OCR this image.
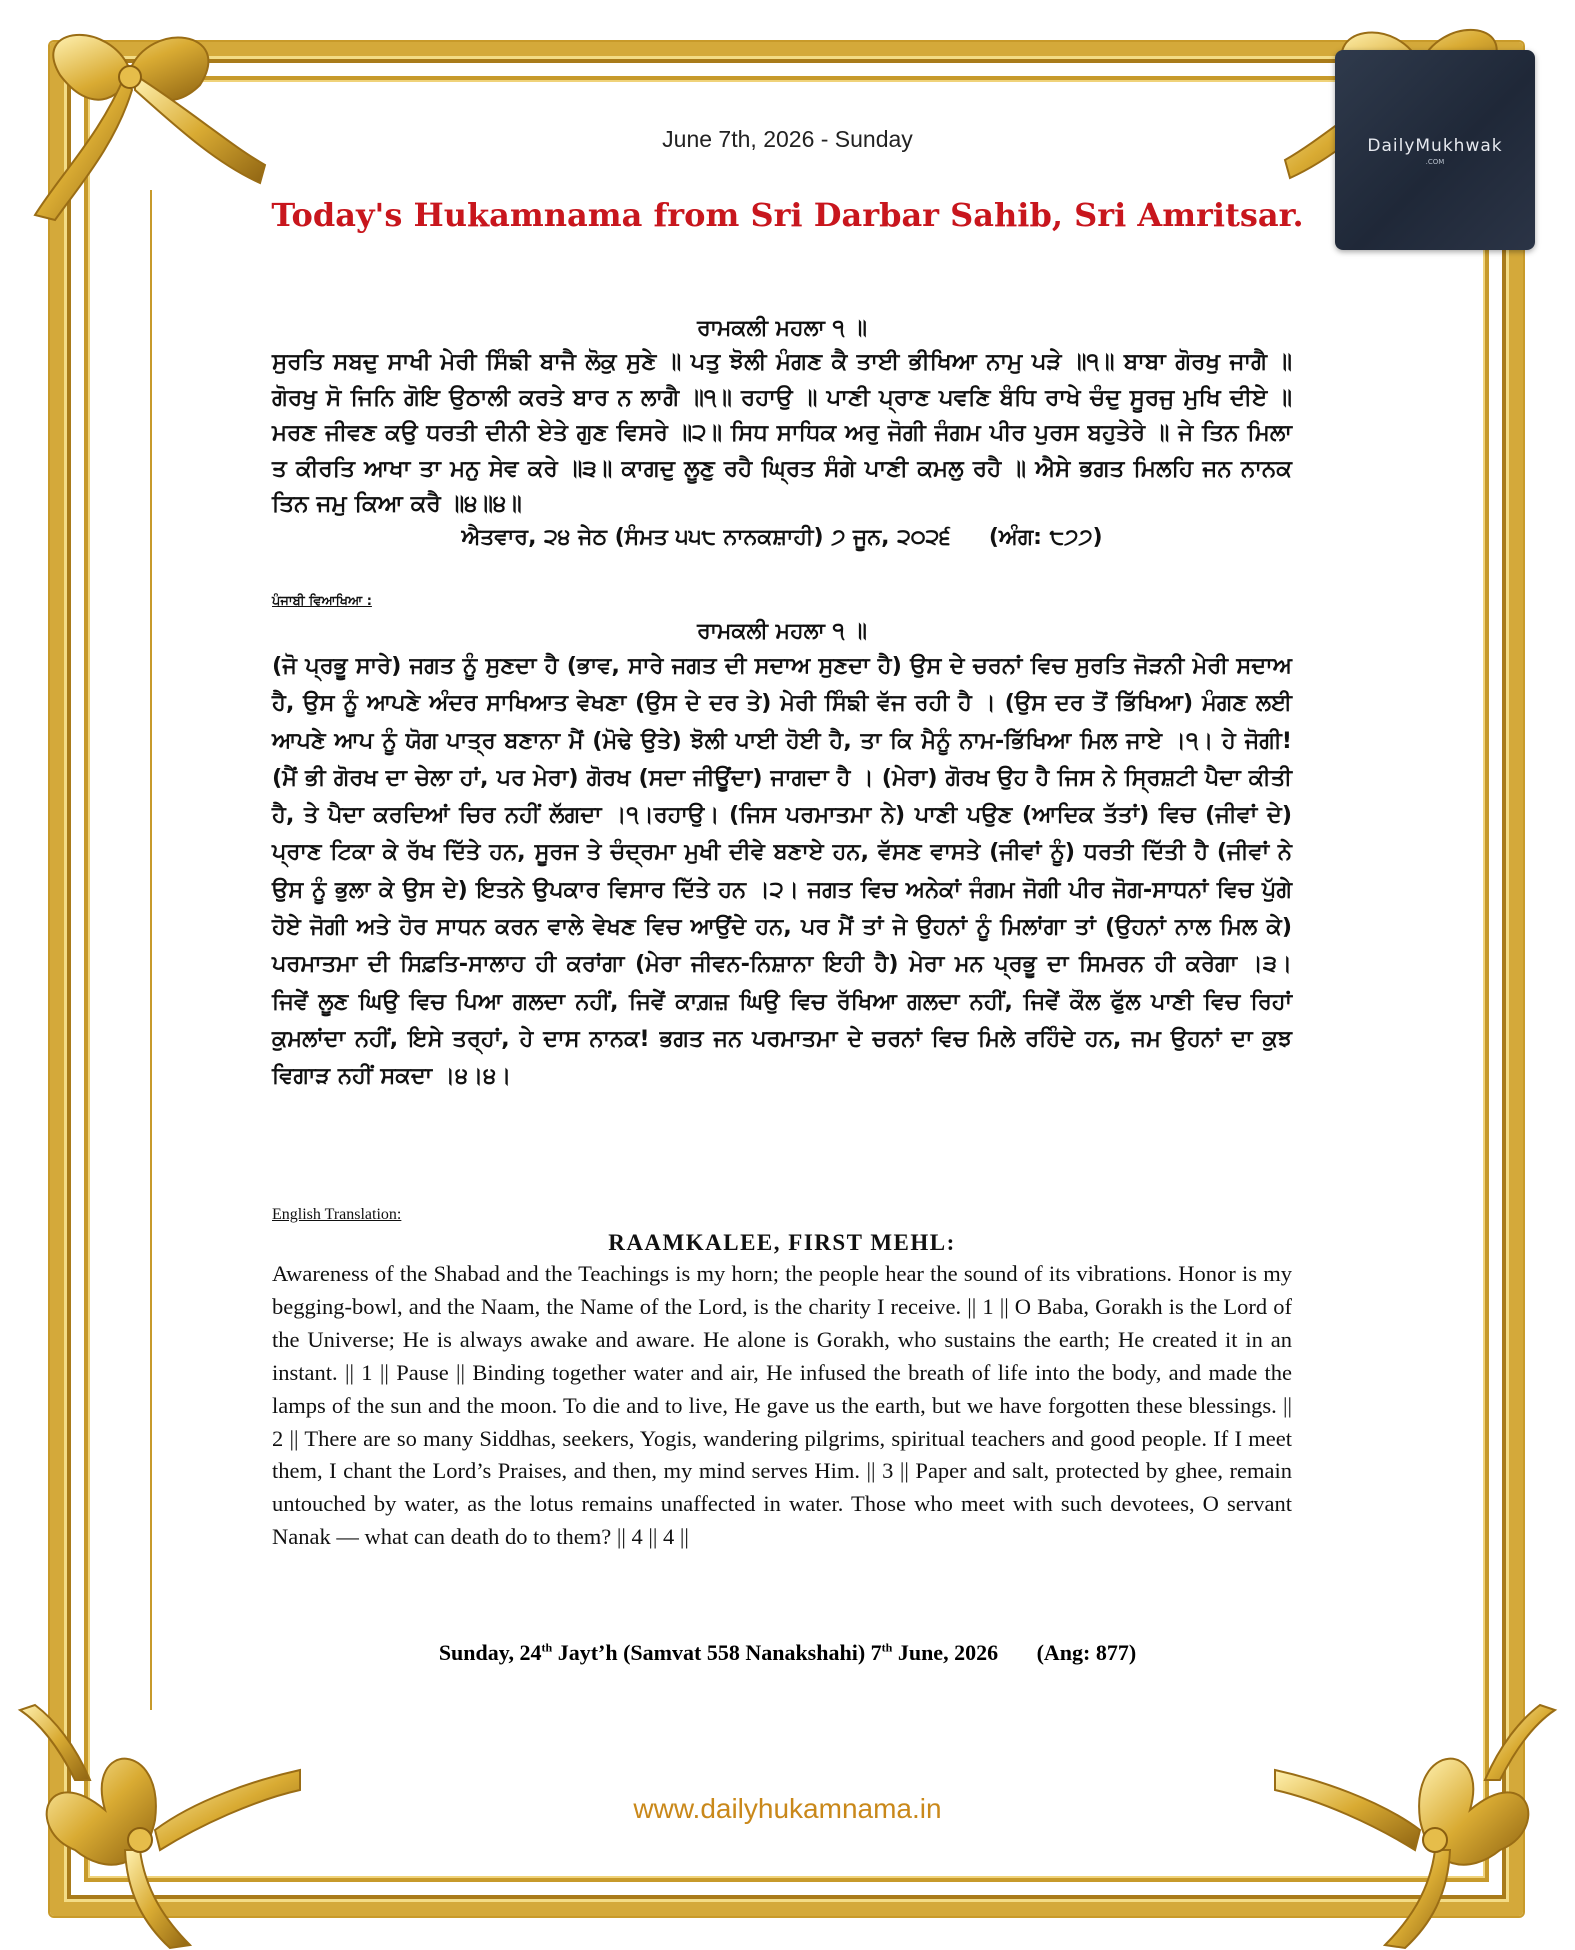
DailyMukhwak
.COM
June 7th, 2026 - Sunday
Today's Hukamnama from Sri Darbar Sahib, Sri Amritsar.
ਰਾਮਕਲੀ ਮਹਲਾ ੧ ॥
ਸੁਰਤਿ ਸਬਦੁ ਸਾਖੀ ਮੇਰੀ ਸਿੰਙੀ ਬਾਜੈ ਲੋਕੁ ਸੁਣੇ ॥ ਪਤੁ ਝੋਲੀ ਮੰਗਣ ਕੈ ਤਾਈ ਭੀਖਿਆ ਨਾਮੁ ਪੜੇ ॥੧॥ ਬਾਬਾ ਗੋਰਖੁ ਜਾਗੈ ॥ ਗੋਰਖੁ ਸੋ ਜਿਨਿ ਗੋਇ ਉਠਾਲੀ ਕਰਤੇ ਬਾਰ ਨ ਲਾਗੈ ॥੧॥ ਰਹਾਉ ॥ ਪਾਣੀ ਪ੍ਰਾਣ ਪਵਣਿ ਬੰਧਿ ਰਾਖੇ ਚੰਦੁ ਸੂਰਜੁ ਮੁਖਿ ਦੀਏ ॥ ਮਰਣ ਜੀਵਣ ਕਉ ਧਰਤੀ ਦੀਨੀ ਏਤੇ ਗੁਣ ਵਿਸਰੇ ॥੨॥ ਸਿਧ ਸਾਧਿਕ ਅਰੁ ਜੋਗੀ ਜੰਗਮ ਪੀਰ ਪੁਰਸ ਬਹੁਤੇਰੇ ॥ ਜੇ ਤਿਨ ਮਿਲਾ ਤ ਕੀਰਤਿ ਆਖਾ ਤਾ ਮਨੁ ਸੇਵ ਕਰੇ ॥੩॥ ਕਾਗਦੁ ਲੂਣੁ ਰਹੈ ਘ੍ਰਿਤ ਸੰਗੇ ਪਾਣੀ ਕਮਲੁ ਰਹੈ ॥ ਐਸੇ ਭਗਤ ਮਿਲਹਿ ਜਨ ਨਾਨਕ ਤਿਨ ਜਮੁ ਕਿਆ ਕਰੈ ॥੪॥੪॥
ਐਤਵਾਰ, ੨੪ ਜੇਠ (ਸੰਮਤ ੫੫੮ ਨਾਨਕਸ਼ਾਹੀ) ੭ ਜੂਨ, ੨੦੨੬     (ਅੰਗ: ੮੭੭)
ਪੰਜਾਬੀ ਵਿਆਖਿਆ :
ਰਾਮਕਲੀ ਮਹਲਾ ੧ ॥
(ਜੋ ਪ੍ਰਭੂ ਸਾਰੇ) ਜਗਤ ਨੂੰ ਸੁਣਦਾ ਹੈ (ਭਾਵ, ਸਾਰੇ ਜਗਤ ਦੀ ਸਦਾਅ ਸੁਣਦਾ ਹੈ) ਉਸ ਦੇ ਚਰਨਾਂ ਵਿਚ ਸੁਰਤਿ ਜੋੜਨੀ ਮੇਰੀ ਸਦਾਅ ਹੈ, ਉਸ ਨੂੰ ਆਪਣੇ ਅੰਦਰ ਸਾਖਿਆਤ ਵੇਖਣਾ (ਉਸ ਦੇ ਦਰ ਤੇ) ਮੇਰੀ ਸਿੰਙੀ ਵੱਜ ਰਹੀ ਹੈ । (ਉਸ ਦਰ ਤੋਂ ਭਿੱਖਿਆ) ਮੰਗਣ ਲਈ ਆਪਣੇ ਆਪ ਨੂੰ ਯੋਗ ਪਾਤ੍ਰ ਬਣਾਨਾ ਮੈਂ (ਮੋਢੇ ਉਤੇ) ਝੋਲੀ ਪਾਈ ਹੋਈ ਹੈ, ਤਾ ਕਿ ਮੈਨੂੰ ਨਾਮ-ਭਿੱਖਿਆ ਮਿਲ ਜਾਏ ।੧। ਹੇ ਜੋਗੀ! (ਮੈਂ ਭੀ ਗੋਰਖ ਦਾ ਚੇਲਾ ਹਾਂ, ਪਰ ਮੇਰਾ) ਗੋਰਖ (ਸਦਾ ਜੀਊਂਦਾ) ਜਾਗਦਾ ਹੈ । (ਮੇਰਾ) ਗੋਰਖ ਉਹ ਹੈ ਜਿਸ ਨੇ ਸ੍ਰਿਸ਼ਟੀ ਪੈਦਾ ਕੀਤੀ ਹੈ, ਤੇ ਪੈਦਾ ਕਰਦਿਆਂ ਚਿਰ ਨਹੀਂ ਲੱਗਦਾ ।੧।ਰਹਾਉ। (ਜਿਸ ਪਰਮਾਤਮਾ ਨੇ) ਪਾਣੀ ਪਉਣ (ਆਦਿਕ ਤੱਤਾਂ) ਵਿਚ (ਜੀਵਾਂ ਦੇ) ਪ੍ਰਾਣ ਟਿਕਾ ਕੇ ਰੱਖ ਦਿੱਤੇ ਹਨ, ਸੂਰਜ ਤੇ ਚੰਦ੍ਰਮਾ ਮੁਖੀ ਦੀਵੇ ਬਣਾਏ ਹਨ, ਵੱਸਣ ਵਾਸਤੇ (ਜੀਵਾਂ ਨੂੰ) ਧਰਤੀ ਦਿੱਤੀ ਹੈ (ਜੀਵਾਂ ਨੇ ਉਸ ਨੂੰ ਭੁਲਾ ਕੇ ਉਸ ਦੇ) ਇਤਨੇ ਉਪਕਾਰ ਵਿਸਾਰ ਦਿੱਤੇ ਹਨ ।੨। ਜਗਤ ਵਿਚ ਅਨੇਕਾਂ ਜੰਗਮ ਜੋਗੀ ਪੀਰ ਜੋਗ-ਸਾਧਨਾਂ ਵਿਚ ਪੁੱਗੇ ਹੋਏ ਜੋਗੀ ਅਤੇ ਹੋਰ ਸਾਧਨ ਕਰਨ ਵਾਲੇ ਵੇਖਣ ਵਿਚ ਆਉਂਦੇ ਹਨ, ਪਰ ਮੈਂ ਤਾਂ ਜੇ ਉਹਨਾਂ ਨੂੰ ਮਿਲਾਂਗਾ ਤਾਂ (ਉਹਨਾਂ ਨਾਲ ਮਿਲ ਕੇ) ਪਰਮਾਤਮਾ ਦੀ ਸਿਫ਼ਤਿ-ਸਾਲਾਹ ਹੀ ਕਰਾਂਗਾ (ਮੇਰਾ ਜੀਵਨ-ਨਿਸ਼ਾਨਾ ਇਹੀ ਹੈ) ਮੇਰਾ ਮਨ ਪ੍ਰਭੂ ਦਾ ਸਿਮਰਨ ਹੀ ਕਰੇਗਾ ।੩। ਜਿਵੇਂ ਲੂਣ ਘਿਉ ਵਿਚ ਪਿਆ ਗਲਦਾ ਨਹੀਂ, ਜਿਵੇਂ ਕਾਗ਼ਜ਼ ਘਿਉ ਵਿਚ ਰੱਖਿਆ ਗਲਦਾ ਨਹੀਂ, ਜਿਵੇਂ ਕੌਲ ਫੁੱਲ ਪਾਣੀ ਵਿਚ ਰਿਹਾਂ ਕੁਮਲਾਂਦਾ ਨਹੀਂ, ਇਸੇ ਤਰ੍ਹਾਂ, ਹੇ ਦਾਸ ਨਾਨਕ! ਭਗਤ ਜਨ ਪਰਮਾਤਮਾ ਦੇ ਚਰਨਾਂ ਵਿਚ ਮਿਲੇ ਰਹਿੰਦੇ ਹਨ, ਜਮ ਉਹਨਾਂ ਦਾ ਕੁਝ ਵਿਗਾੜ ਨਹੀਂ ਸਕਦਾ ।੪।੪।
English Translation:
RAAMKALEE, FIRST MEHL:
Awareness of the Shabad and the Teachings is my horn; the people hear the sound of its vibrations. Honor is my begging-bowl, and the Naam, the Name of the Lord, is the charity I receive. || 1 || O Baba, Gorakh is the Lord of the Universe; He is always awake and aware. He alone is Gorakh, who sustains the earth; He created it in an instant. || 1 || Pause || Binding together water and air, He infused the breath of life into the body, and made the lamps of the sun and the moon. To die and to live, He gave us the earth, but we have forgotten these blessings. || 2 || There are so many Siddhas, seekers, Yogis, wandering pilgrims, spiritual teachers and good people. If I meet them, I chant the Lord’s Praises, and then, my mind serves Him. || 3 || Paper and salt, protected by ghee, remain untouched by water, as the lotus remains unaffected in water. Those who meet with such devotees, O servant Nanak — what can death do to them? || 4 || 4 ||
Sunday, 24th Jayt’h (Samvat 558 Nanakshahi) 7th June, 2026       (Ang: 877)
www.dailyhukamnama.in
